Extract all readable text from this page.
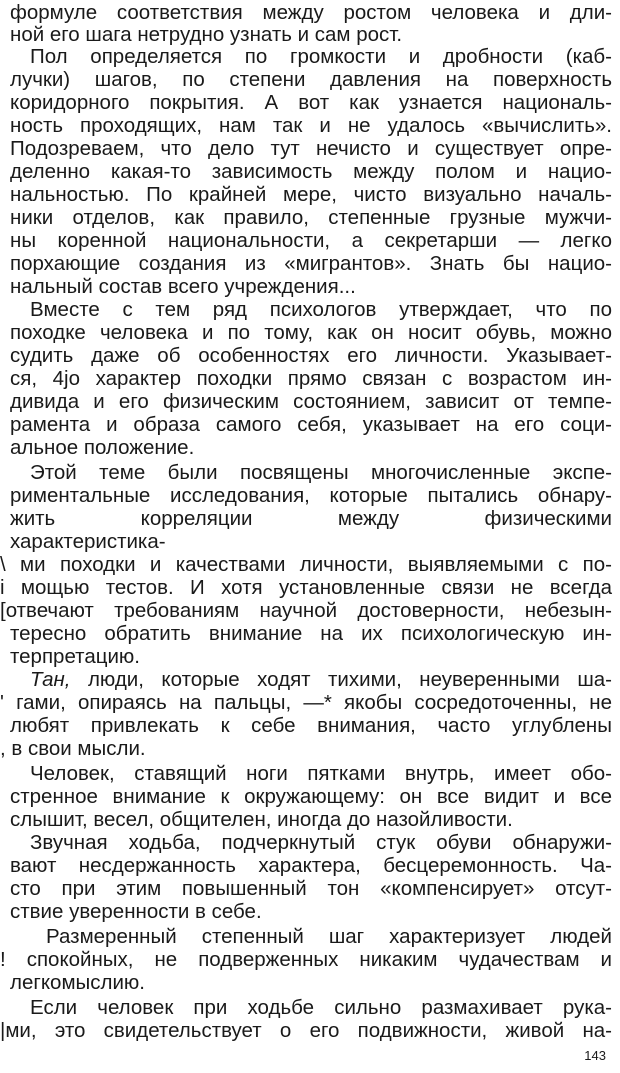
формуле соответствия между ростом человека и дли-
ной его шага нетрудно узнать и сам рост.
Пол определяется по громкости и дробности (каб-
лучки) шагов, по степени давления на поверхность
коридорного покрытия. А вот как узнается националь-
ность проходящих, нам так и не удалось «вычислить».
Подозреваем, что дело тут нечисто и существует опре-
деленно какая-то зависимость между полом и нацио-
нальностью. По крайней мере, чисто визуально началь-
ники отделов, как правило, степенные грузные мужчи-
ны коренной национальности, а секретарши — легко
порхающие создания из «мигрантов». Знать бы нацио-
нальный состав всего учреждения...
Вместе с тем ряд психологов утверждает, что по
походке человека и по тому, как он носит обувь, можно
судить даже об особенностях его личности. Указывает-
ся, 4jо характер походки прямо связан с возрастом ин-
дивида и его физическим состоянием, зависит от темпе-
рамента и образа самого себя, указывает на его соци-
альное положение.
Этой теме были посвящены многочисленные экспе-
риментальные исследования, которые пытались обнару-
жить корреляции между физическими
характеристика-
\ ми походки и качествами личности, выявляемыми с по-
i мощью тестов. И хотя установленные связи не всегда
[отвечают требованиям научной достоверности, небезын-
тересно обратить внимание на их психологическую ин-
терпретацию.
Тан, люди, которые ходят тихими, неуверенными ша-
' гами, опираясь на пальцы, —* якобы сосредоточенны, не
любят привлекать к себе внимания, часто углублены
, в свои мысли.
Человек, ставящий ноги пятками внутрь, имеет обо-
стренное внимание к окружающему: он все видит и все
слышит, весел, общителен, иногда до назойливости.
Звучная ходьба, подчеркнутый стук обуви обнаружи-
вают несдержанность характера, бесцеремонность. Ча-
сто при этим повышенный тон «компенсирует» отсут-
ствие уверенности в себе.
Размеренный степенный шаг характеризует людей
! спокойных, не подверженных никаким чудачествам и
легкомыслию.
Если человек при ходьбе сильно размахивает рука-
|ми, это свидетельствует о его подвижности, живой на-
143
